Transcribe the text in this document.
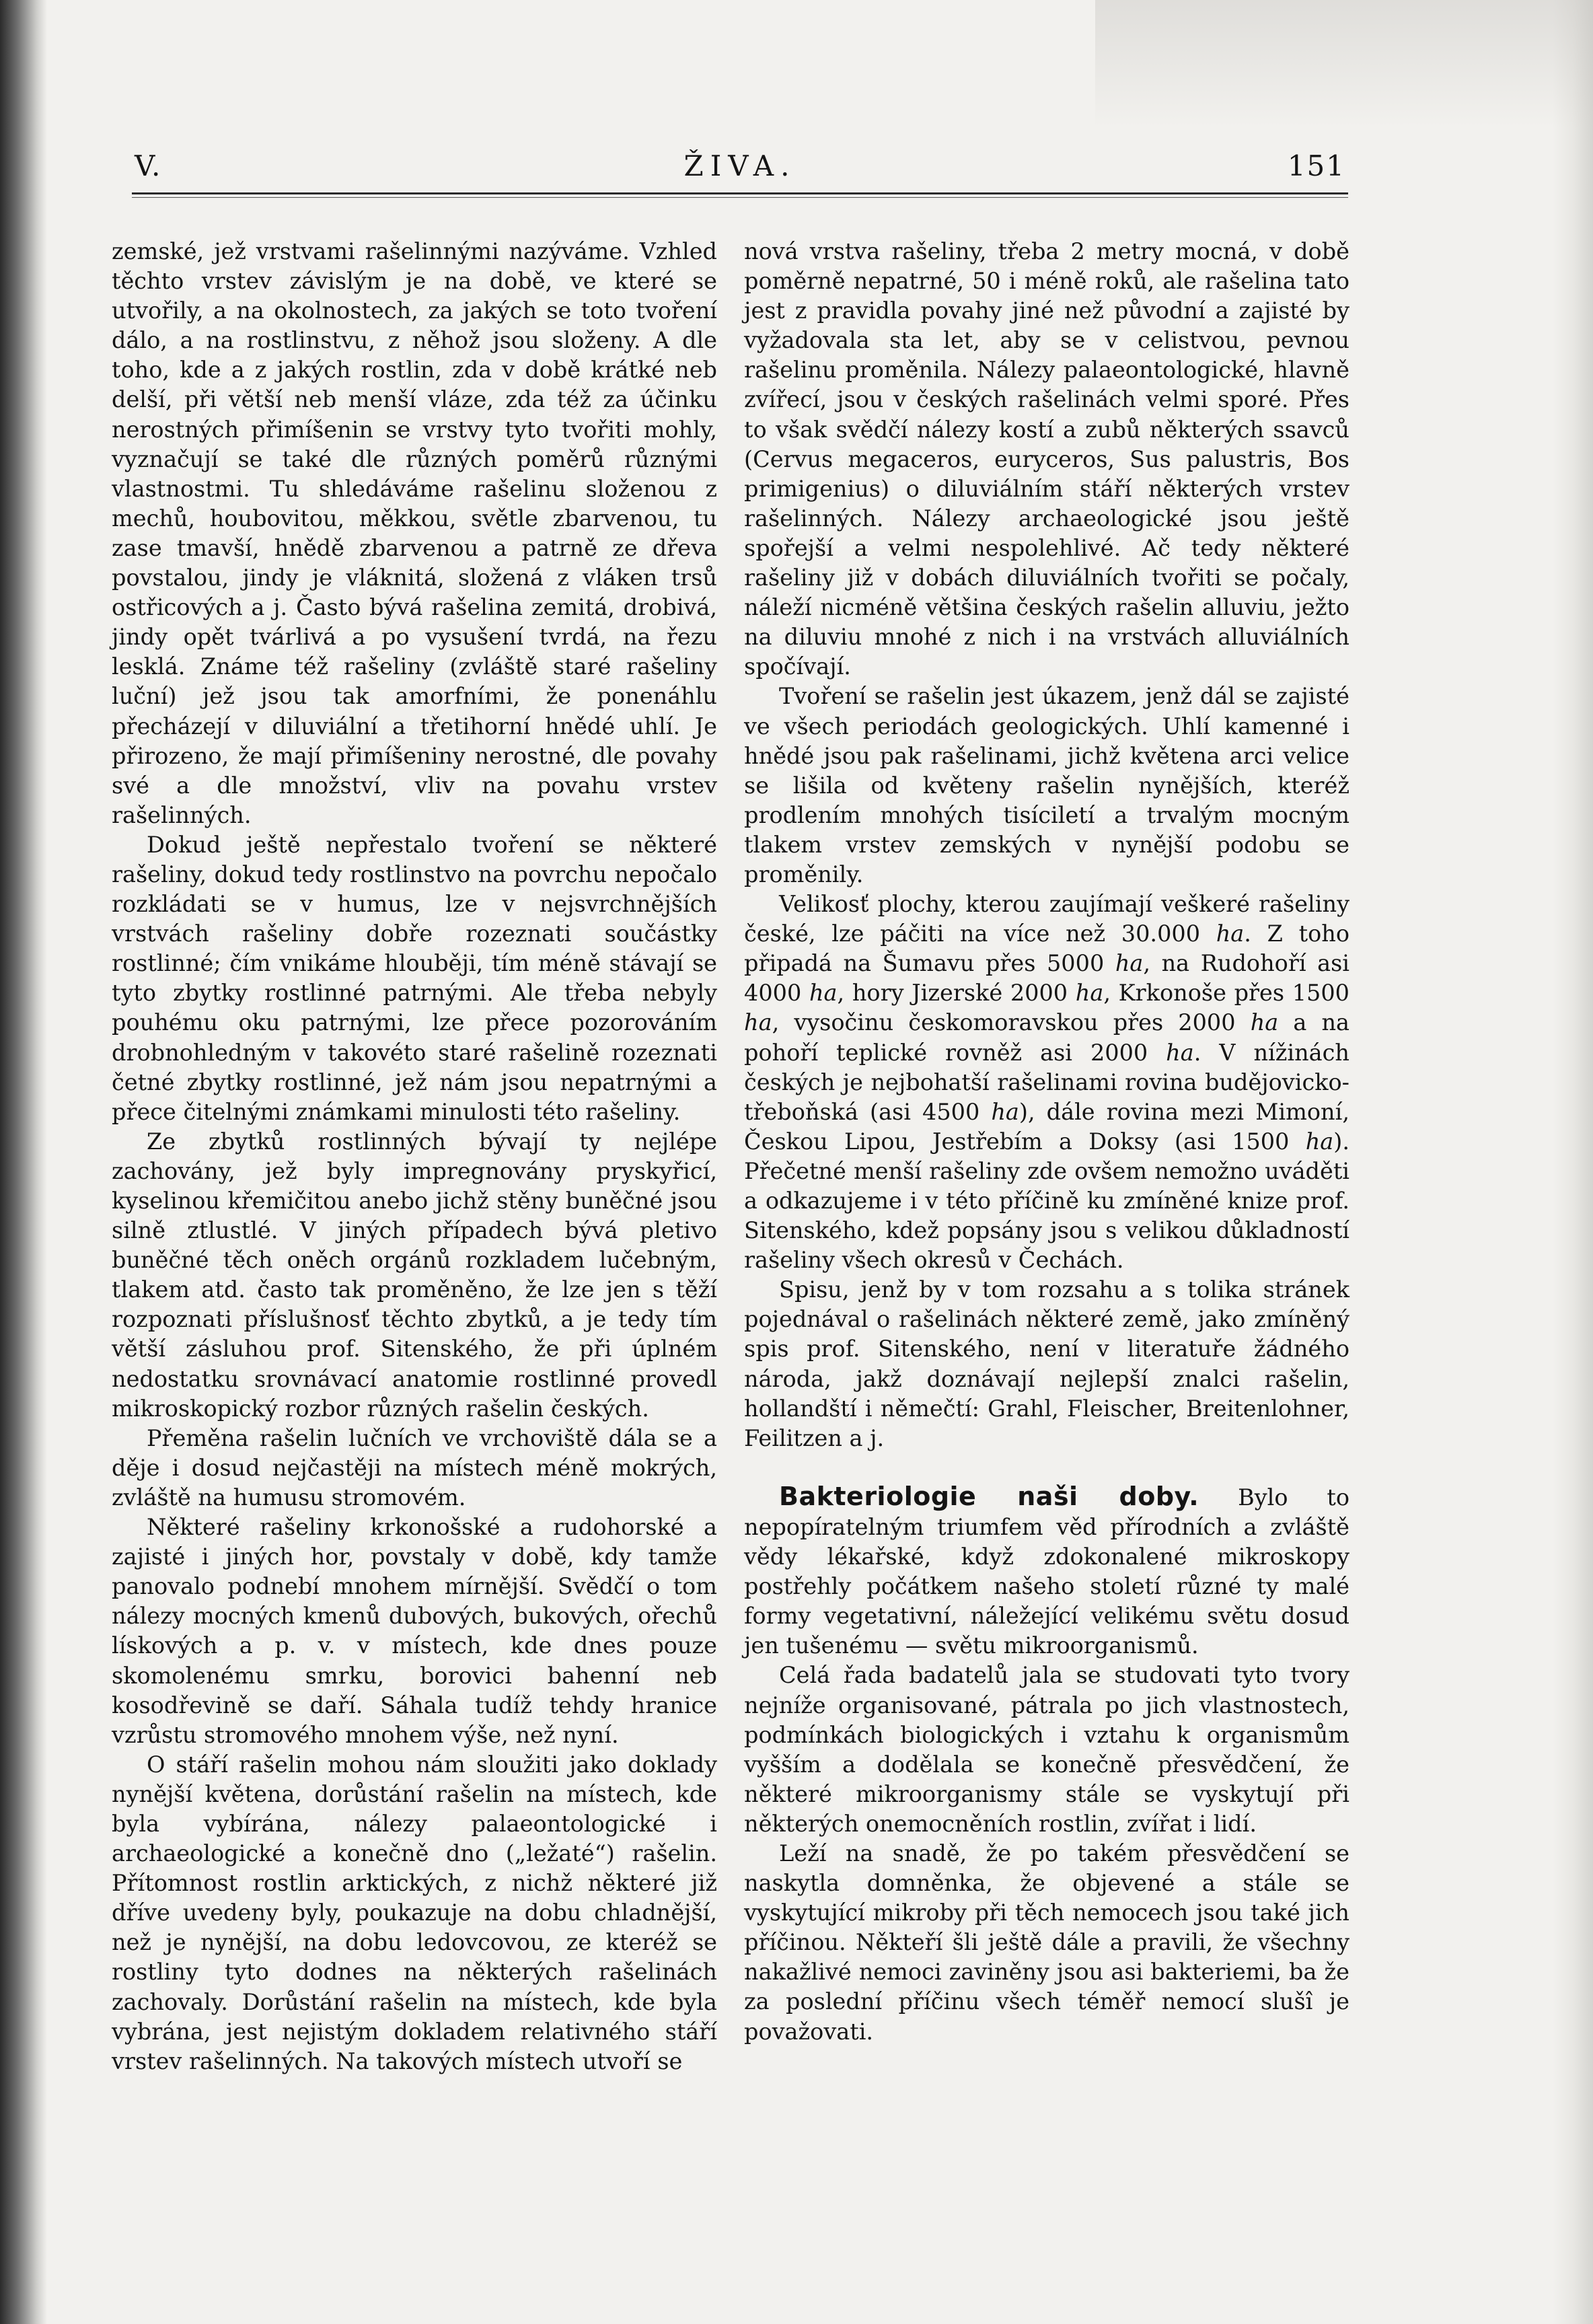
V.	ŽIVA.	151

zemské, jež vrstvami rašelinnými nazýváme. Vzhled těchto vrstev závislým je na době, ve které se utvořily, a na okolnostech, za jakých se toto tvoření dálo, a na rostlinstvu, z něhož jsou složeny. A dle toho, kde a z jakých rostlin, zda v době krátké neb delší, při větší neb menší vláze, zda též za účinku nerostných přimíšenin se vrstvy tyto tvořiti mohly, vyznačují se také dle různých poměrů různými vlastnostmi. Tu shledáváme rašelinu složenou z mechů, houbovitou, měkkou, světle zbarvenou, tu zase tmavší, hnědě zbarvenou a patrně ze dřeva povstalou, jindy je vláknitá, složená z vláken trsů ostřicových a j. Často bývá rašelina zemitá, drobivá, jindy opět tvárlivá a po vysušení tvrdá, na řezu lesklá. Známe též rašeliny (zvláště staré rašeliny luční) jež jsou tak amorfními, že ponenáhlu přecházejí v diluviální a třetihorní hnědé uhlí. Je přirozeno, že mají přimíšeniny nerostné, dle povahy své a dle množství, vliv na povahu vrstev rašelinných.

Dokud ještě nepřestalo tvoření se některé rašeliny, dokud tedy rostlinstvo na povrchu nepočalo rozkládati se v humus, lze v nejsvrchnějších vrstvách rašeliny dobře rozeznati součástky rostlinné; čím vnikáme hlouběji, tím méně stávají se tyto zbytky rostlinné patrnými. Ale třeba nebyly pouhému oku patrnými, lze přece pozorováním drobnohledným v takovéto staré rašelině rozeznati četné zbytky rostlinné, jež nám jsou nepatrnými a přece čitelnými známkami minulosti této rašeliny.

Ze zbytků rostlinných bývají ty nejlépe zachovány, jež byly impregnovány pryskyřicí, kyselinou křemičitou anebo jichž stěny buněčné jsou silně ztlustlé. V jiných případech bývá pletivo buněčné těch oněch orgánů rozkladem lučebným, tlakem atd. často tak proměněno, že lze jen s těží rozpoznati příslušnosť těchto zbytků, a je tedy tím větší zásluhou prof. Sitenského, že při úplném nedostatku srovnávací anatomie rostlinné provedl mikroskopický rozbor různých rašelin českých.

Přeměna rašelin lučních ve vrchoviště dála se a děje i dosud nejčastěji na místech méně mokrých, zvláště na humusu stromovém.

Některé rašeliny krkonošské a rudohorské a zajisté i jiných hor, povstaly v době, kdy tamže panovalo podnebí mnohem mírnější. Svědčí o tom nálezy mocných kmenů dubových, bukových, ořechů lískových a p. v. v místech, kde dnes pouze skomolenému smrku, borovici bahenní neb kosodřevině se daří. Sáhala tudíž tehdy hranice vzrůstu stromového mnohem výše, než nyní.

O stáří rašelin mohou nám sloužiti jako doklady nynější květena, dorůstání rašelin na místech, kde byla vybírána, nálezy palaeontologické i archaeologické a konečně dno („ležaté“) rašelin. Přítomnost rostlin arktických, z nichž některé již dříve uvedeny byly, poukazuje na dobu chladnější, než je nynější, na dobu ledovcovou, ze kteréž se rostliny tyto dodnes na některých rašelinách zachovaly. Dorůstání rašelin na místech, kde byla vybrána, jest nejistým dokladem relativného stáří vrstev rašelinných. Na takových místech utvoří se

nová vrstva rašeliny, třeba 2 metry mocná, v době poměrně nepatrné, 50 i méně roků, ale rašelina tato jest z pravidla povahy jiné než původní a zajisté by vyžadovala sta let, aby se v celistvou, pevnou rašelinu proměnila. Nálezy palaeontologické, hlavně zvířecí, jsou v českých rašelinách velmi sporé. Přes to však svědčí nálezy kostí a zubů některých ssavců (Cervus megaceros, euryceros, Sus palustris, Bos primigenius) o diluviálním stáří některých vrstev rašelinných. Nálezy archaeologické jsou ještě spořejší a velmi nespolehlivé. Ač tedy některé rašeliny již v dobách diluviálních tvořiti se počaly, náleží nicméně většina českých rašelin alluviu, ježto na diluviu mnohé z nich i na vrstvách alluviálních spočívají.

Tvoření se rašelin jest úkazem, jenž dál se zajisté ve všech periodách geologických. Uhlí kamenné i hnědé jsou pak rašelinami, jichž květena arci velice se lišila od květeny rašelin nynějších, kteréž prodlením mnohých tisíciletí a trvalým mocným tlakem vrstev zemských v nynější podobu se proměnily.

Velikosť plochy, kterou zaujímají veškeré rašeliny české, lze páčiti na více než 30.000 ha. Z toho připadá na Šumavu přes 5000 ha, na Rudohoří asi 4000 ha, hory Jizerské 2000 ha, Krkonoše přes 1500 ha, vysočinu českomoravskou přes 2000 ha a na pohoří teplické rovněž asi 2000 ha. V nížinách českých je nejbohatší rašelinami rovina budějovicko-třeboňská (asi 4500 ha), dále rovina mezi Mimoní, Českou Lipou, Jestřebím a Doksy (asi 1500 ha). Přečetné menší rašeliny zde ovšem nemožno uváděti a odkazujeme i v této příčině ku zmíněné knize prof. Sitenského, kdež popsány jsou s velikou důkladností rašeliny všech okresů v Čechách.

Spisu, jenž by v tom rozsahu a s tolika stránek pojednával o rašelinách některé země, jako zmíněný spis prof. Sitenského, není v literatuře žádného národa, jakž doznávají nejlepší znalci rašelin, hollandští i němečtí: Grahl, Fleischer, Breitenlohner, Feilitzen a j.

Bakteriologie naši doby. Bylo to nepopíratelným triumfem věd přírodních a zvláště vědy lékařské, když zdokonalené mikroskopy postřehly počátkem našeho století různé ty malé formy vegetativní, náležející velikému světu dosud jen tušenému — světu mikroorganismů.

Celá řada badatelů jala se studovati tyto tvory nejníže organisované, pátrala po jich vlastnostech, podmínkách biologických i vztahu k organismům vyšším a dodělala se konečně přesvědčení, že některé mikroorganismy stále se vyskytují při některých onemocněních rostlin, zvířat i lidí.

Leží na snadě, že po takém přesvědčení se naskytla domněnka, že objevené a stále se vyskytující mikroby při těch nemocech jsou také jich příčinou. Někteří šli ještě dále a pravili, že všechny nakažlivé nemoci zaviněny jsou asi bakteriemi, ba že za poslední příčinu všech téměř nemocí slušî je považovati.
